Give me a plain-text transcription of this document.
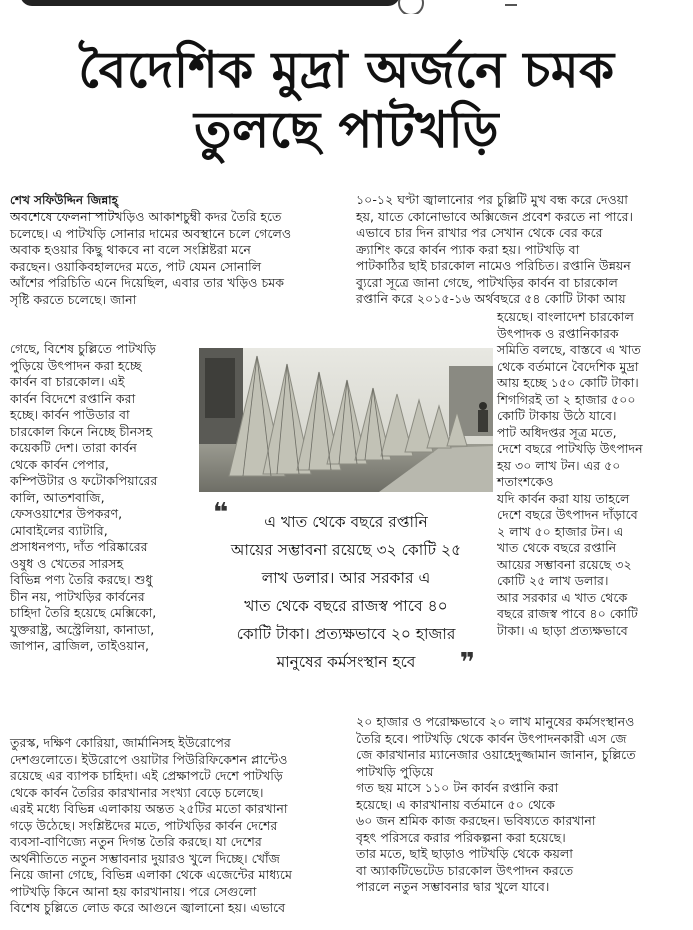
বৈদেশিক মুদ্রা অর্জনে চমক
তুলছে পাটখড়ি
শেখ সফিউদ্দিন জিন্নাহ্
অবশেষে ফেলনা পাটখড়িও আকাশচুম্বী কদর তৈরি হতে
চলেছে। এ পাটখড়ি সোনার দামের অবস্থানে চলে গেলেও
অবাক হওয়ার কিছু থাকবে না বলে সংশ্লিষ্টরা মনে
করছেন। ওয়াকিবহালদের মতে, পাট যেমন সোনালি
আঁশের পরিচিতি এনে দিয়েছিল, এবার তার খড়িও চমক
সৃষ্টি করতে চলেছে। জানা
গেছে, বিশেষ চুল্লিতে পাটখড়ি
পুড়িয়ে উৎপাদন করা হচ্ছে
কার্বন বা চারকোল। এই
কার্বন বিদেশে রপ্তানি করা
হচ্ছে। কার্বন পাউডার বা
চারকোল কিনে নিচ্ছে চীনসহ
কয়েকটি দেশ। তারা কার্বন
থেকে কার্বন পেপার,
কম্পিউটার ও ফটোকপিয়ারের
কালি, আতশবাজি,
ফেসওয়াশের উপকরণ,
মোবাইলের ব্যাটারি,
প্রসাধনপণ্য, দাঁত পরিষ্কারের
ওষুধ ও খেতের সারসহ
বিভিন্ন পণ্য তৈরি করছে। শুধু
চীন নয়, পাটখড়ির কার্বনের
চাহিদা তৈরি হয়েছে মেক্সিকো,
যুক্তরাষ্ট্র, অস্ট্রেলিয়া, কানাডা,
জাপান, ব্রাজিল, তাইওয়ান,
তুরস্ক, দক্ষিণ কোরিয়া, জার্মানিসহ ইউরোপের
দেশগুলোতে। ইউরোপে ওয়াটার পিউরিফিকেশন প্লান্টেও
রয়েছে এর ব্যাপক চাহিদা। এই প্রেক্ষাপটে দেশে পাটখড়ি
থেকে কার্বন তৈরির কারখানার সংখ্যা বেড়ে চলেছে।
এরই মধ্যে বিভিন্ন এলাকায় অন্তত ২৫টির মতো কারখানা
গড়ে উঠেছে। সংশ্লিষ্টদের মতে, পাটখড়ির কার্বন দেশের
ব্যবসা-বাণিজ্যে নতুন দিগন্ত তৈরি করছে। যা দেশের
অর্থনীতিতে নতুন সম্ভাবনার দুয়ারও খুলে দিচ্ছে। খোঁজ
নিয়ে জানা গেছে, বিভিন্ন এলাকা থেকে এজেন্টের মাধ্যমে
পাটখড়ি কিনে আনা হয় কারখানায়। পরে সেগুলো
বিশেষ চুল্লিতে লোড করে আগুনে জ্বালানো হয়। এভাবে
১০-১২ ঘণ্টা জ্বালানোর পর চুল্লিটি মুখ বন্ধ করে দেওয়া
হয়, যাতে কোনোভাবে অক্সিজেন প্রবেশ করতে না পারে।
এভাবে চার দিন রাখার পর সেখান থেকে বের করে
ক্র্যাশিং করে কার্বন প্যাক করা হয়। পাটখড়ি বা
পাটকাঠির ছাই চারকোল নামেও পরিচিত। রপ্তানি উন্নয়ন
ব্যুরো সূত্রে জানা গেছে, পাটখড়ির কার্বন বা চারকোল
রপ্তানি করে ২০১৫-১৬ অর্থবছরে ৫৪ কোটি টাকা আয়
হয়েছে। বাংলাদেশ চারকোল
উৎপাদক ও রপ্তানিকারক
সমিতি বলছে, বাস্তবে এ খাত
থেকে বর্তমানে বৈদেশিক মুদ্রা
আয় হচ্ছে ১৫০ কোটি টাকা।
শিগগিরই তা ২ হাজার ৫০০
কোটি টাকায় উঠে যাবে।
পাট অধিদপ্তর সূত্র মতে,
দেশে বছরে পাটখড়ি উৎপাদন
হয় ৩০ লাখ টন। এর ৫০
শতাংশকেও
যদি কার্বন করা যায় তাহলে
দেশে বছরে উৎপাদন দাঁড়াবে
২ লাখ ৫০ হাজার টন। এ
খাত থেকে বছরে রপ্তানি
আয়ের সম্ভাবনা রয়েছে ৩২
কোটি ২৫ লাখ ডলার।
আর সরকার এ খাত থেকে
বছরে রাজস্ব পাবে ৪০ কোটি
টাকা। এ ছাড়া প্রত্যক্ষভাবে
২০ হাজার ও পরোক্ষভাবে ২০ লাখ মানুষের কর্মসংস্থানও
তৈরি হবে। পাটখড়ি থেকে কার্বন উৎপাদনকারী এস জে
জে কারখানার ম্যানেজার ওয়াহেদুজ্জামান জানান, চুল্লিতে
পাটখড়ি পুড়িয়ে
গত ছয় মাসে ১১০ টন কার্বন রপ্তানি করা
হয়েছে। এ কারখানায় বর্তমানে ৫০ থেকে
৬০ জন শ্রমিক কাজ করছেন। ভবিষ্যতে কারখানা
বৃহৎ পরিসরে করার পরিকল্পনা করা হয়েছে।
তার মতে, ছাই ছাড়াও পাটখড়ি থেকে কয়লা
বা অ্যাকটিভেটেড চারকোল উৎপাদন করতে
পারলে নতুন সম্ভাবনার দ্বার খুলে যাবে।
❝	এ খাত থেকে বছরে রপ্তানি
আয়ের সম্ভাবনা রয়েছে ৩২ কোটি ২৫
লাখ ডলার। আর সরকার এ
খাত থেকে বছরে রাজস্ব পাবে ৪০
কোটি টাকা। প্রত্যক্ষভাবে ২০ হাজার
মানুষের কর্মসংস্থান হবে	❞
